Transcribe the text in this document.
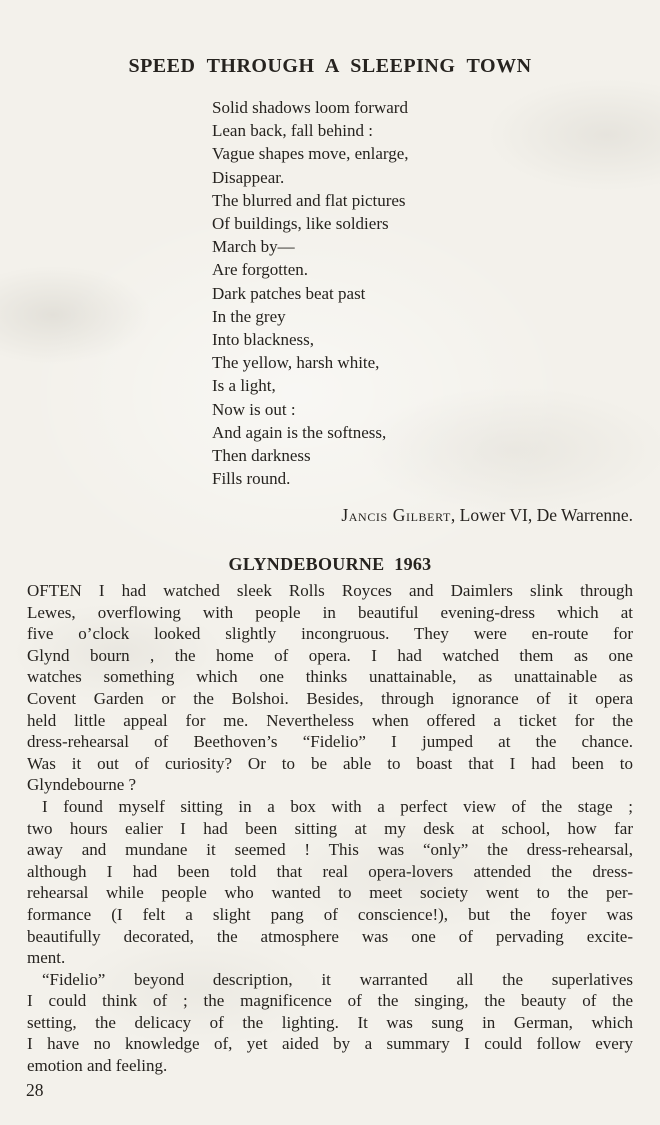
SPEED THROUGH A SLEEPING TOWN
Solid shadows loom forward
Lean back, fall behind :
Vague shapes move, enlarge,
Disappear.
The blurred and flat pictures
Of buildings, like soldiers
March by—
Are forgotten.
Dark patches beat past
In the grey
Into blackness,
The yellow, harsh white,
Is a light,
Now is out :
And again is the softness,
Then darkness
Fills round.
Jancis Gilbert, Lower VI, De Warrenne.
GLYNDEBOURNE 1963
OFTEN I had watched sleek Rolls Royces and Daimlers slink through
Lewes, overflowing with people in beautiful evening-dress which at
five o’clock looked slightly incongruous. They were en-route for
Glynd bourn , the home of opera. I had watched them as one
watches something which one thinks unattainable, as unattainable as
Covent Garden or the Bolshoi. Besides, through ignorance of it opera
held little appeal for me. Nevertheless when offered a ticket for the
dress-rehearsal of Beethoven’s “Fidelio” I jumped at the chance.
Was it out of curiosity? Or to be able to boast that I had been to
Glyndebourne ?
I found myself sitting in a box with a perfect view of the stage ;
two hours ealier I had been sitting at my desk at school, how far
away and mundane it seemed ! This was “only” the dress-rehearsal,
although I had been told that real opera-lovers attended the dress-
rehearsal while people who wanted to meet society went to the per-
formance (I felt a slight pang of conscience!), but the foyer was
beautifully decorated, the atmosphere was one of pervading excite-
ment.
“Fidelio” beyond description, it warranted all the superlatives
I could think of ; the magnificence of the singing, the beauty of the
setting, the delicacy of the lighting. It was sung in German, which
I have no knowledge of, yet aided by a summary I could follow every
emotion and feeling.
28
